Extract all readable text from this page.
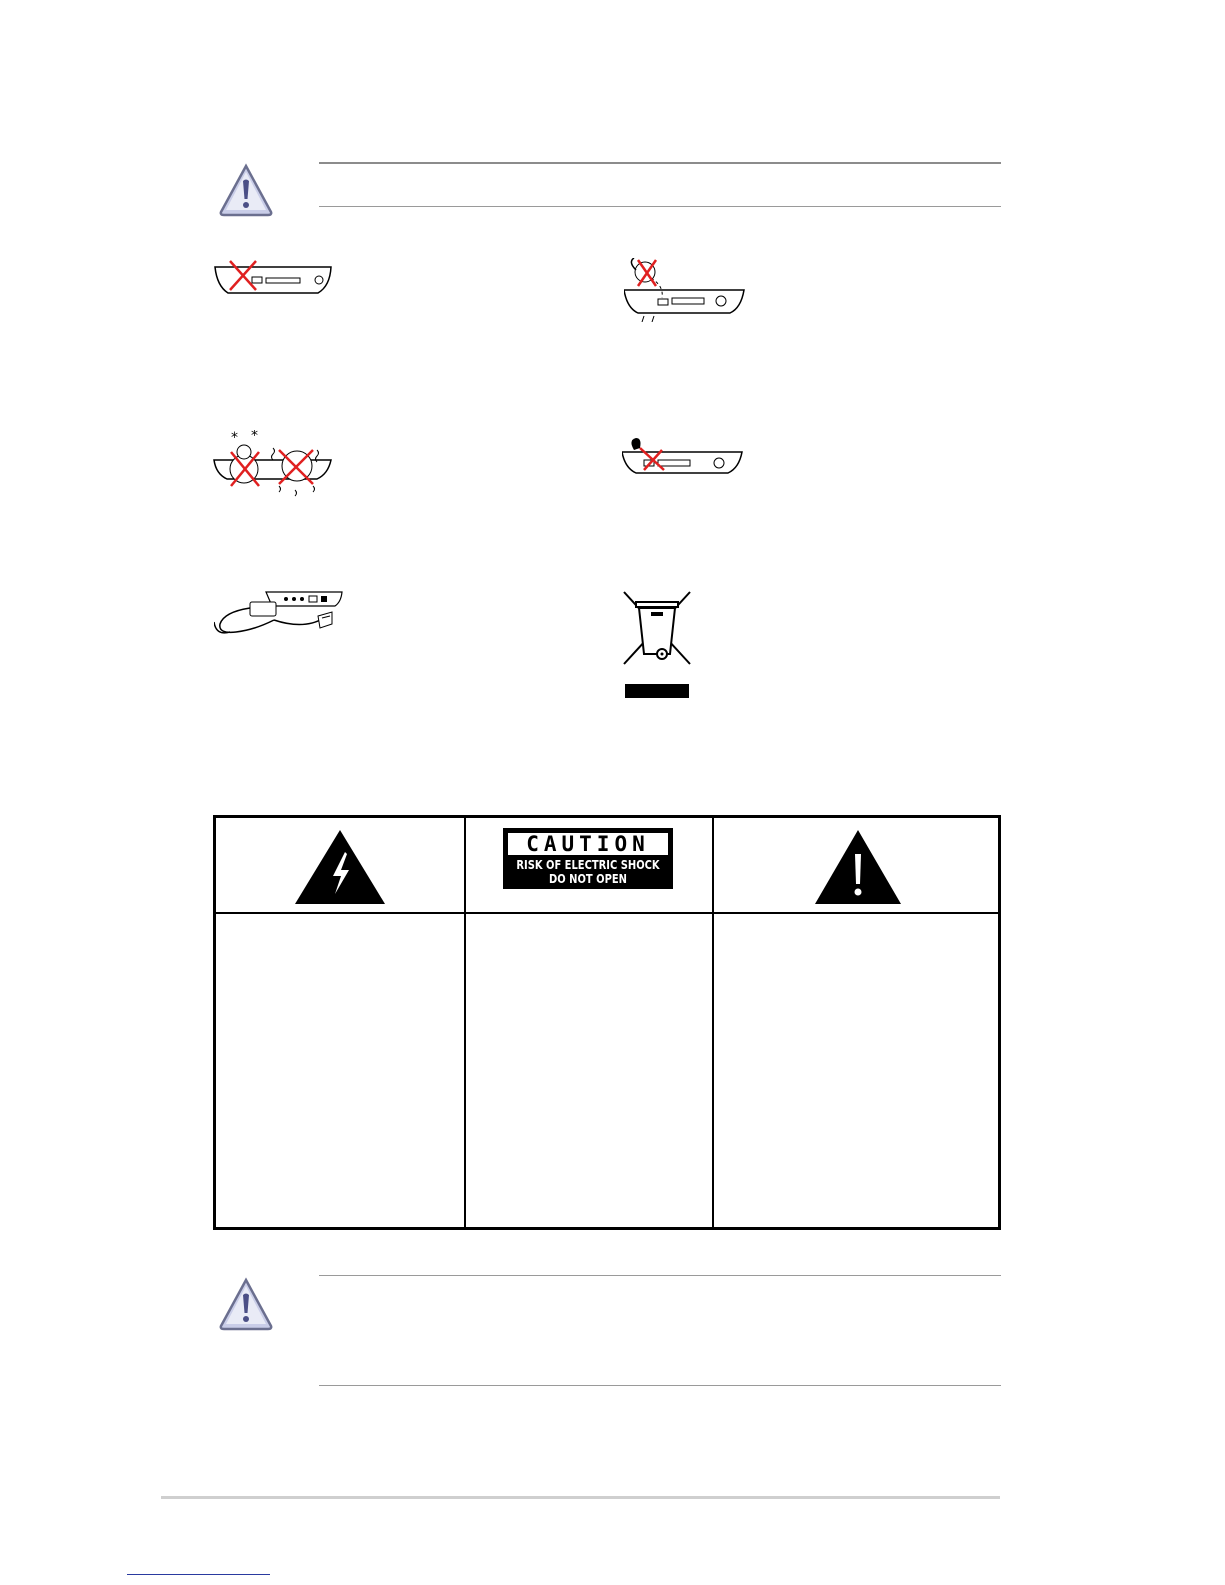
* *
CAUTION
RISK OF ELECTRIC SHOCK
DO NOT OPEN
